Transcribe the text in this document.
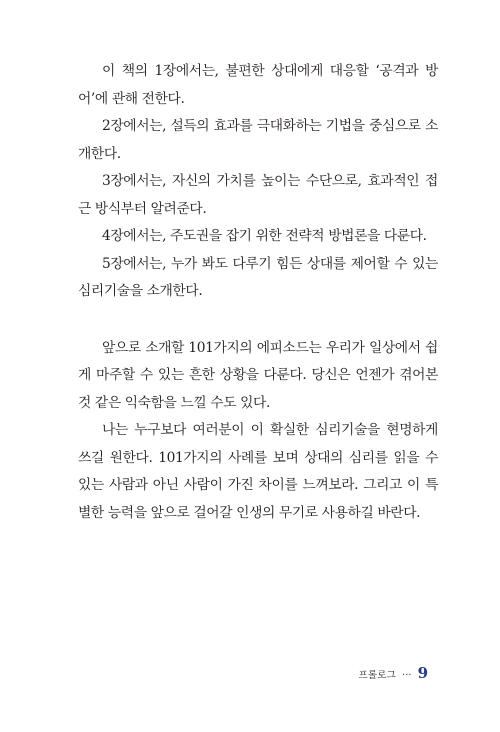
이 책의 1장에서는, 불편한 상대에게 대응할 ‘공격과 방어’에 관해 전한다.

2장에서는, 설득의 효과를 극대화하는 기법을 중심으로 소개한다.

3장에서는, 자신의 가치를 높이는 수단으로, 효과적인 접근 방식부터 알려준다.

4장에서는, 주도권을 잡기 위한 전략적 방법론을 다룬다.

5장에서는, 누가 봐도 다루기 힘든 상대를 제어할 수 있는 심리기술을 소개한다.

앞으로 소개할 101가지의 에피소드는 우리가 일상에서 쉽게 마주할 수 있는 흔한 상황을 다룬다. 당신은 언젠가 겪어본 것 같은 익숙함을 느낄 수도 있다.

나는 누구보다 여러분이 이 확실한 심리기술을 현명하게 쓰길 원한다. 101가지의 사례를 보며 상대의 심리를 읽을 수 있는 사람과 아닌 사람이 가진 차이를 느껴보라. 그리고 이 특별한 능력을 앞으로 걸어갈 인생의 무기로 사용하길 바란다.

프롤로그 ··· 9
